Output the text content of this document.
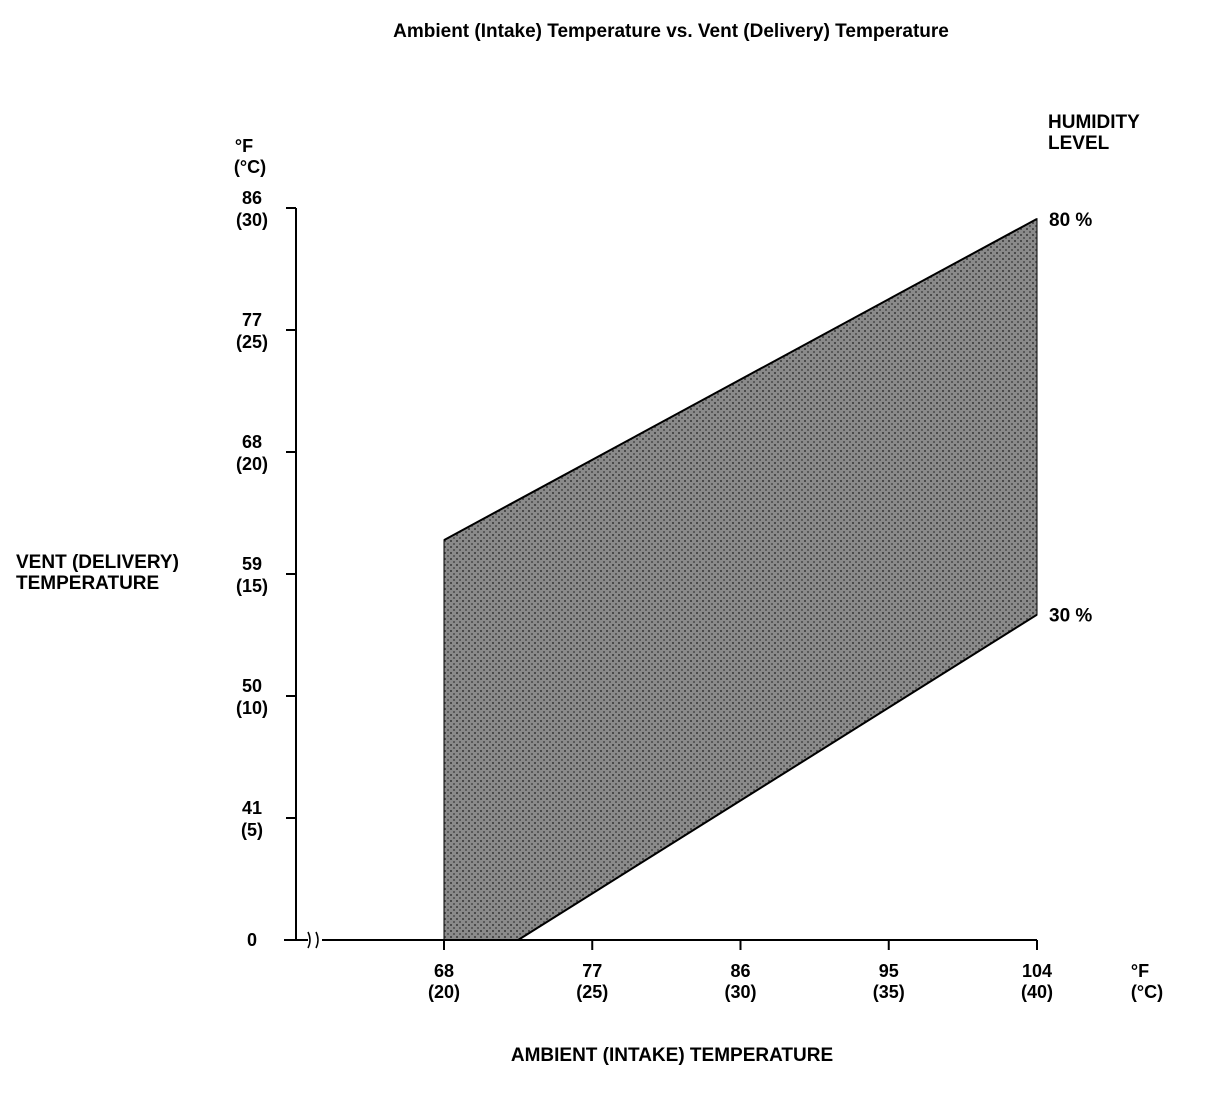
Ambient (Intake) Temperature vs. Vent (Delivery) Temperature
°F
(°C)
VENT (DELIVERY)
TEMPERATURE
HUMIDITY
LEVEL
°F
(°C)
AMBIENT (INTAKE) TEMPERATURE
0
41
(5)
50
(10)
59
(15)
68
(20)
77
(25)
86
(30)
68
(20)
77
(25)
86
(30)
95
(35)
104
(40)
80 %
30 %
